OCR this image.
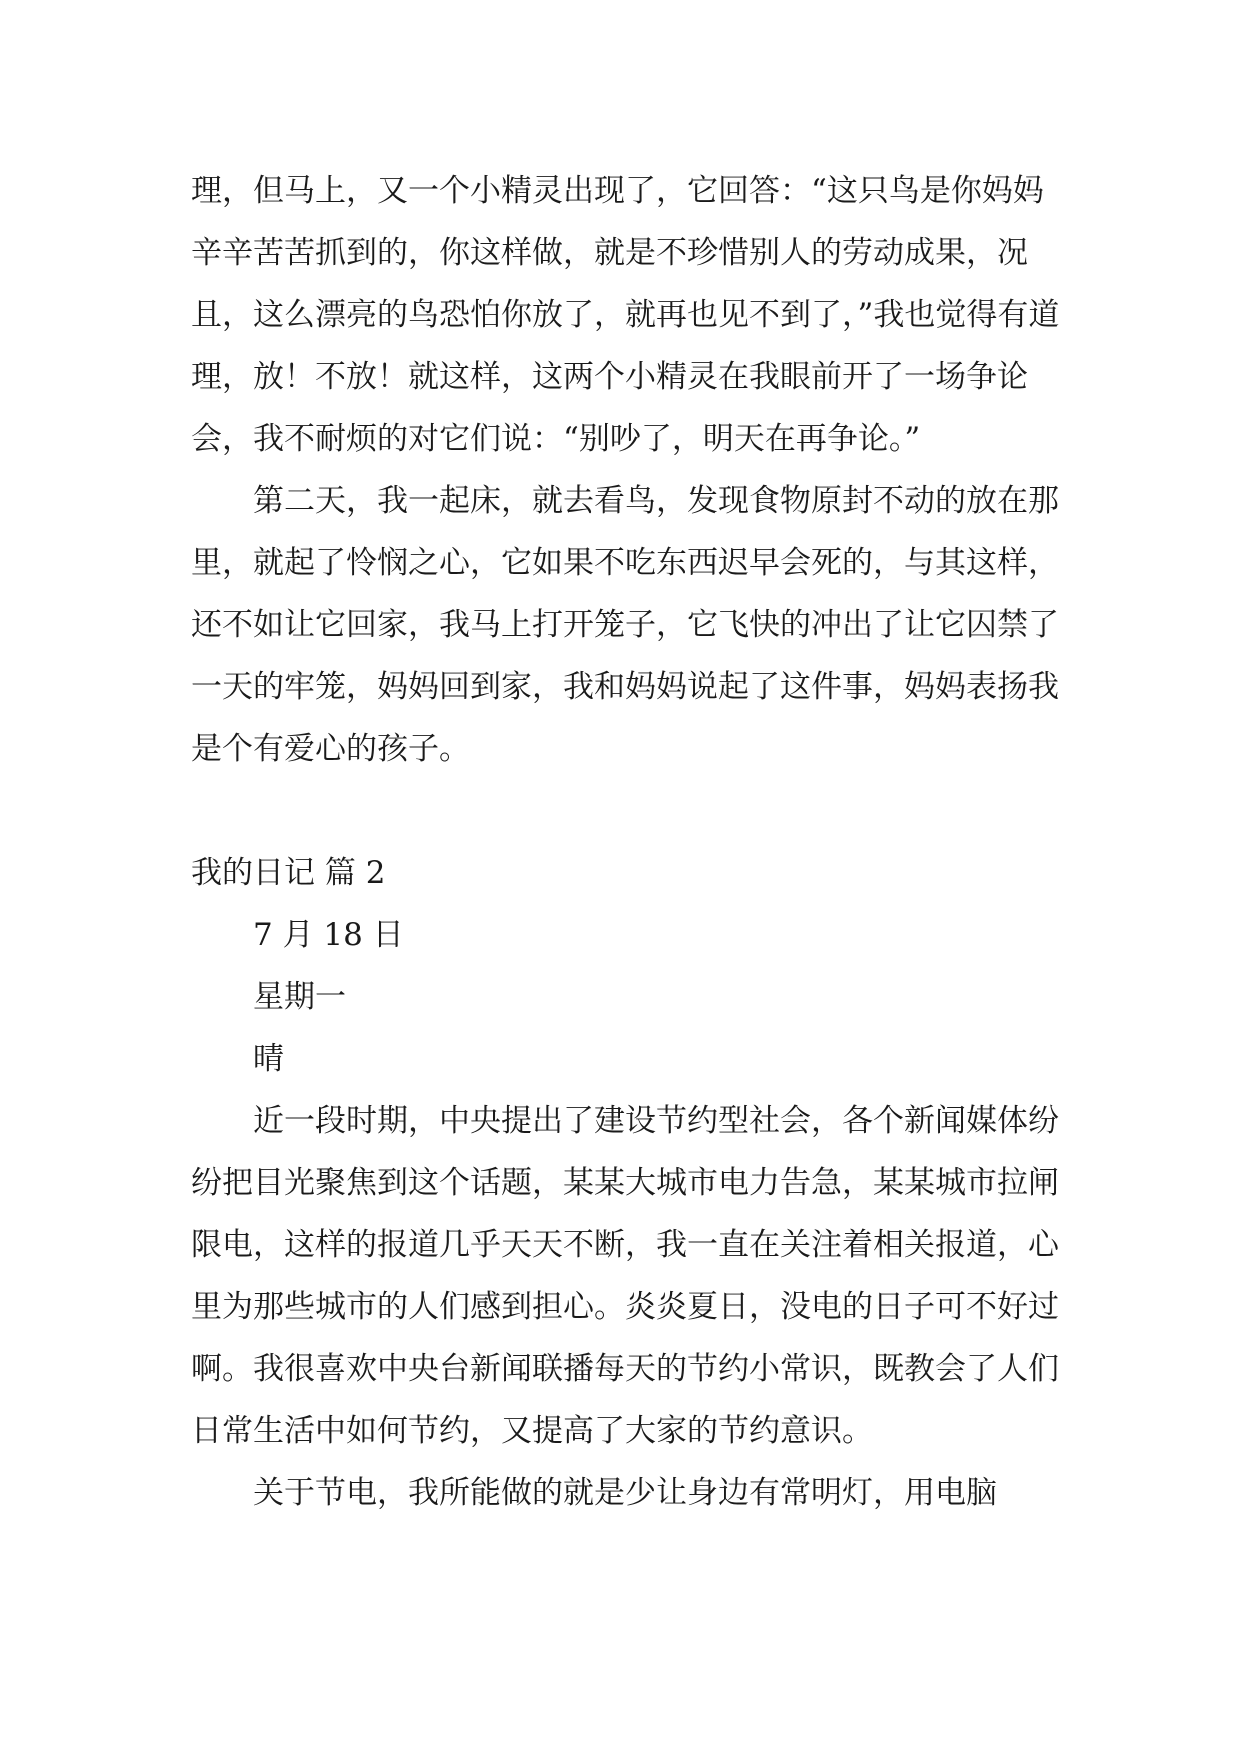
理，但马上，又一个小精灵出现了，它回答：“这只鸟是你妈妈辛辛苦苦抓到的，你这样做，就是不珍惜别人的劳动成果，况且，这么漂亮的鸟恐怕你放了，就再也见不到了，”我也觉得有道理，放！不放！就这样，这两个小精灵在我眼前开了一场争论会，我不耐烦的对它们说：“别吵了，明天在再争论。”

第二天，我一起床，就去看鸟，发现食物原封不动的放在那里，就起了怜悯之心，它如果不吃东西迟早会死的，与其这样，还不如让它回家，我马上打开笼子，它飞快的冲出了让它囚禁了一天的牢笼，妈妈回到家，我和妈妈说起了这件事，妈妈表扬我是个有爱心的孩子。

我的日记 篇 2

7 月 18 日

星期一

晴

近一段时期，中央提出了建设节约型社会，各个新闻媒体纷纷把目光聚焦到这个话题，某某大城市电力告急，某某城市拉闸限电，这样的报道几乎天天不断，我一直在关注着相关报道，心里为那些城市的人们感到担心。炎炎夏日，没电的日子可不好过啊。我很喜欢中央台新闻联播每天的节约小常识，既教会了人们日常生活中如何节约，又提高了大家的节约意识。

关于节电，我所能做的就是少让身边有常明灯，用电脑
